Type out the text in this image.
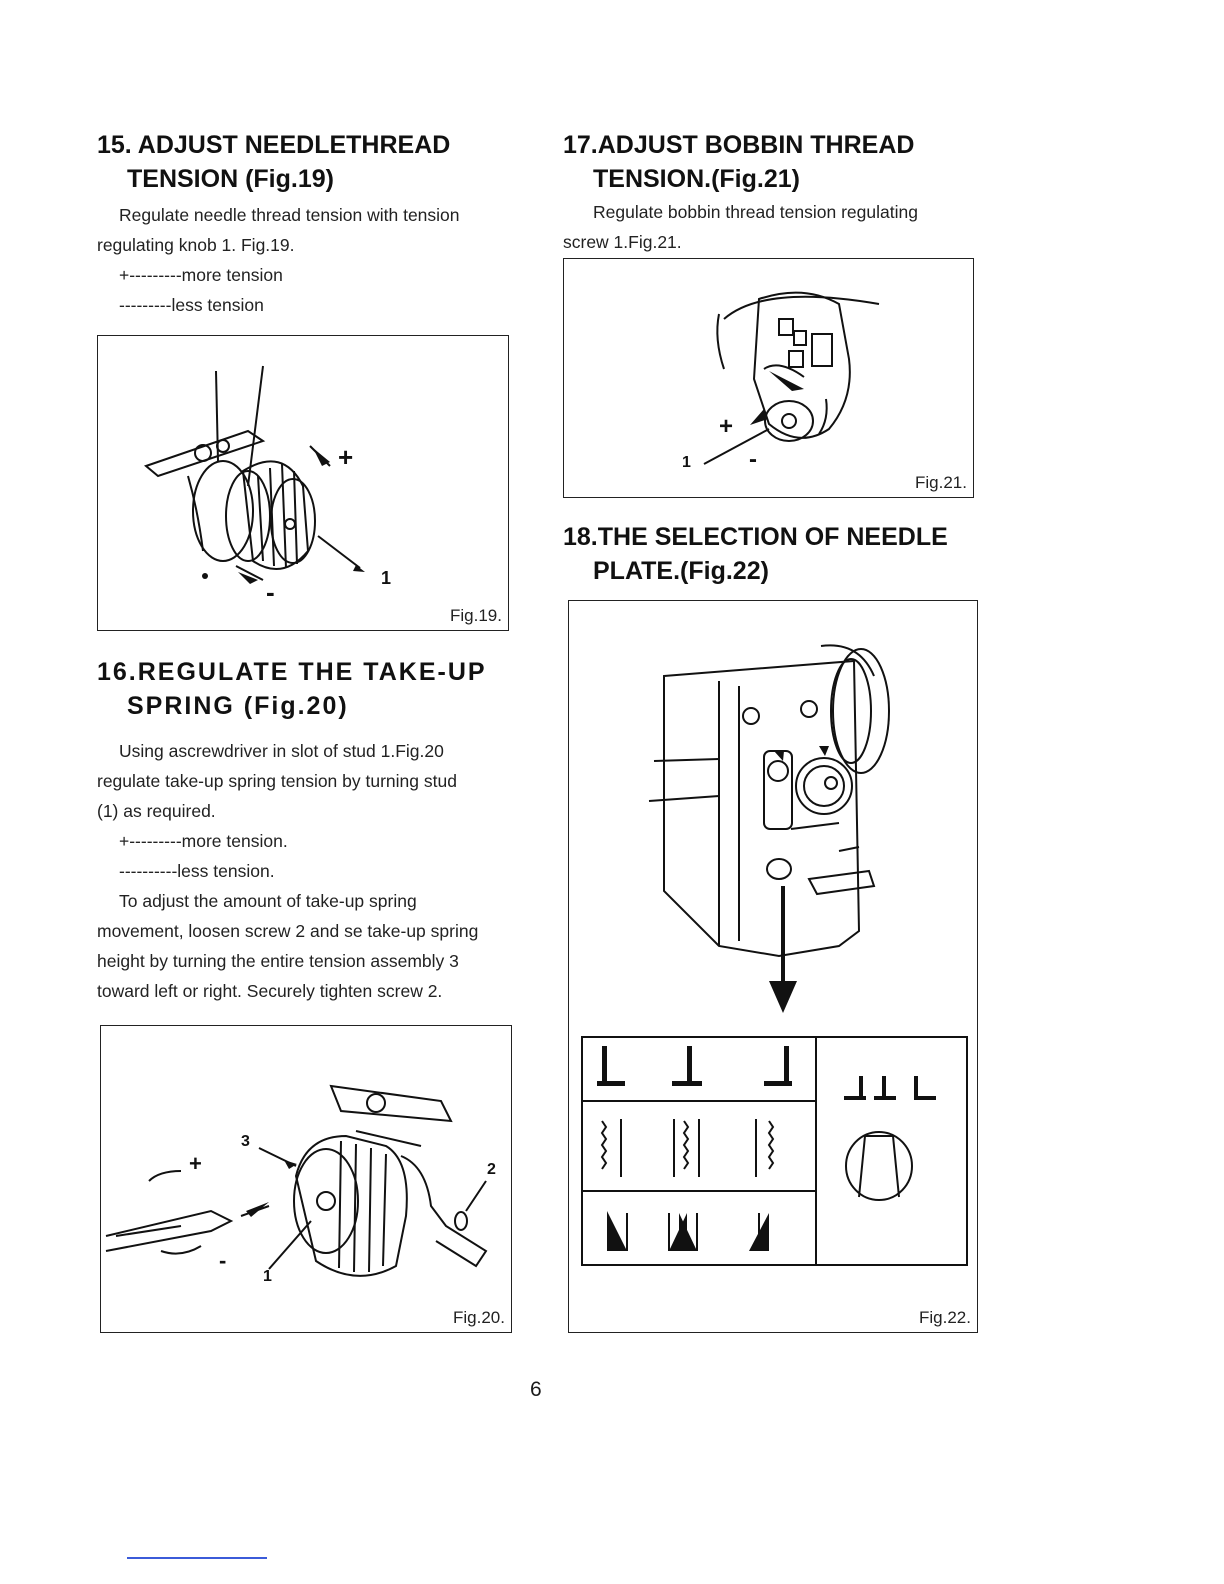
15. ADJUST NEEDLETHREAD
TENSION (Fig.19)
Regulate needle thread tension with tension
regulating knob 1. Fig.19.
+---------more tension
---------less tension
+
-	1
Fig.19.
16.REGULATE THE TAKE-UP
SPRING (Fig.20)
Using ascrewdriver in slot of stud 1.Fig.20
regulate take-up spring tension by turning stud
(1) as required.
+---------more tension.
----------less tension.
To adjust the amount of take-up spring
movement, loosen screw 2 and se take-up spring
height by turning the entire tension assembly 3
toward left or right. Securely tighten screw 2.
+
-
1
2
3
Fig.20.
17.ADJUST BOBBIN THREAD
TENSION.(Fig.21)
Regulate bobbin thread tension regulating
screw 1.Fig.21.
+
-
1
Fig.21.
18.THE SELECTION OF NEEDLE
PLATE.(Fig.22)
Fig.22.
6
